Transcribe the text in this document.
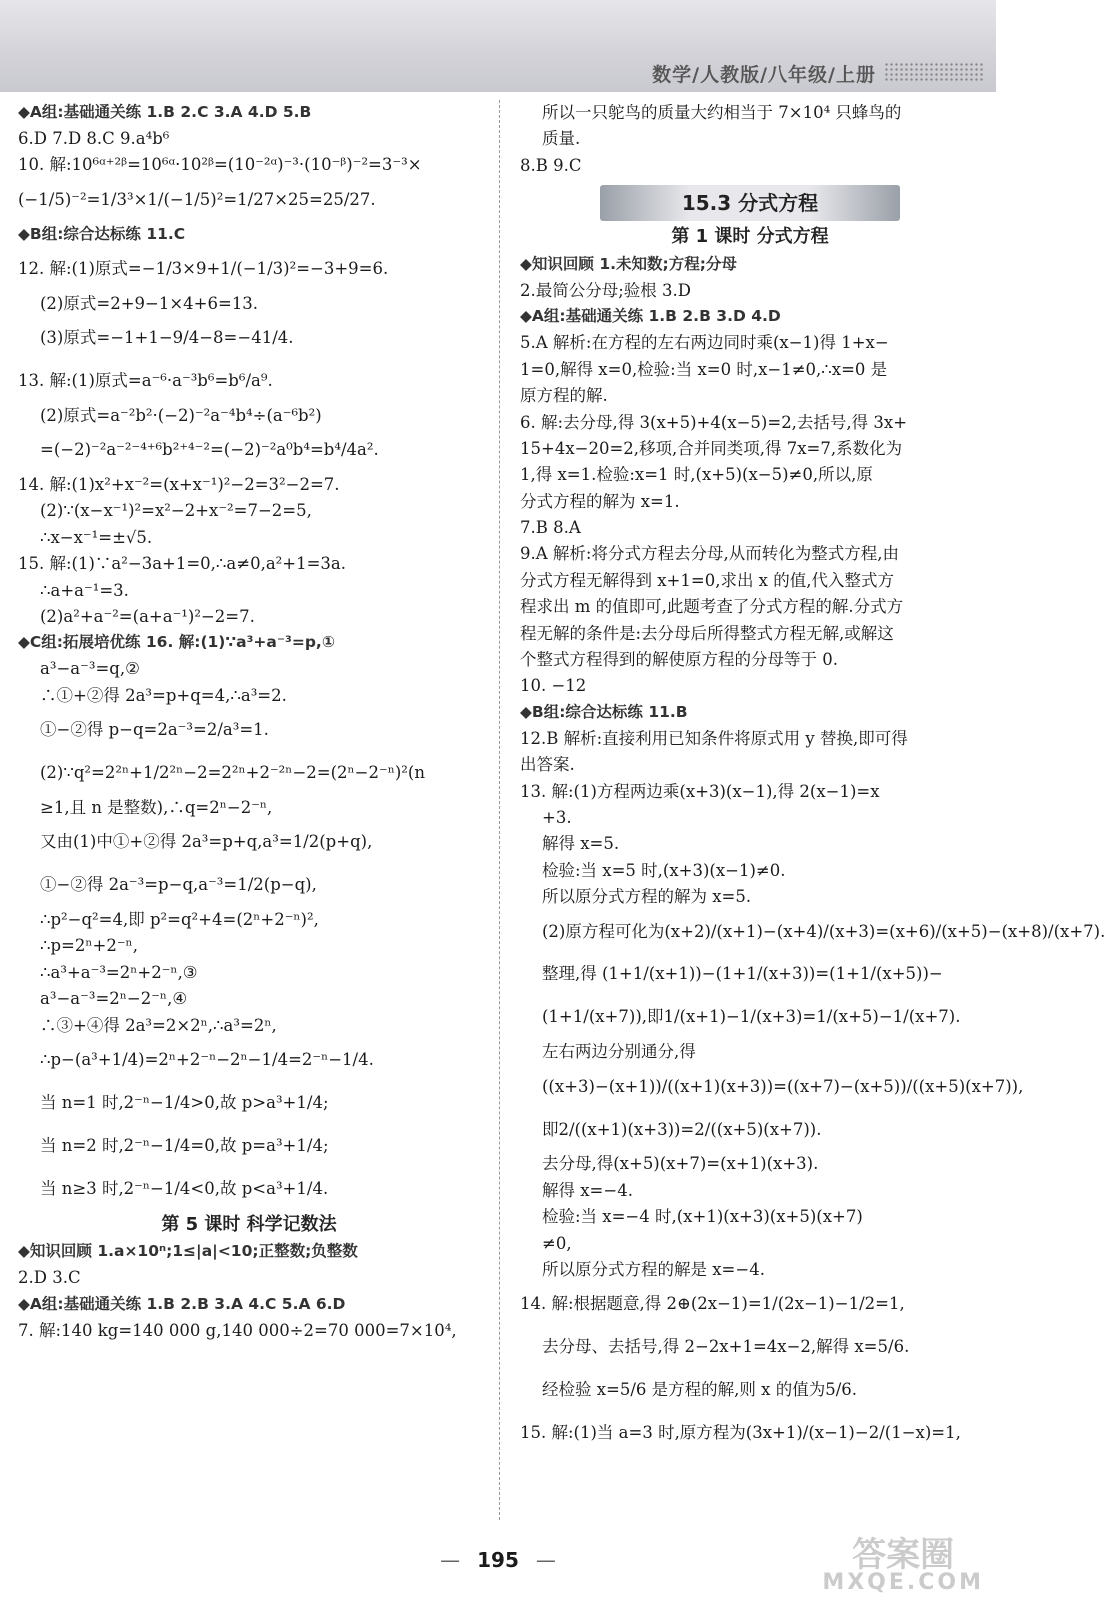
数学/人教版/八年级/上册

◆A组:基础通关练 1.B 2.C 3.A 4.D 5.B

6.D 7.D 8.C 9.a⁴b⁶

10. 解:10⁶ᵅ⁺²ᵝ=10⁶ᵅ·10²ᵝ=(10⁻²ᵅ)⁻³·(10⁻ᵝ)⁻²=3⁻³×

(−1/5)⁻²=1/3³×1/(−1/5)²=1/27×25=25/27.

◆B组:综合达标练 11.C

12. 解:(1)原式=−1/3×9+1/(−1/3)²=−3+9=6.

(2)原式=2+9−1×4+6=13.

(3)原式=−1+1−9/4−8=−41/4.

13. 解:(1)原式=a⁻⁶·a⁻³b⁶=b⁶/a⁹.

(2)原式=a⁻²b²·(−2)⁻²a⁻⁴b⁴÷(a⁻⁶b²)

=(−2)⁻²a⁻²⁻⁴⁺⁶b²⁺⁴⁻²=(−2)⁻²a⁰b⁴=b⁴/4a².

14. 解:(1)x²+x⁻²=(x+x⁻¹)²−2=3²−2=7.

(2)∵(x−x⁻¹)²=x²−2+x⁻²=7−2=5,

∴x−x⁻¹=±√5.

15. 解:(1)∵a²−3a+1=0,∴a≠0,a²+1=3a.

∴a+a⁻¹=3.

(2)a²+a⁻²=(a+a⁻¹)²−2=7.

◆C组:拓展培优练 16. 解:(1)∵a³+a⁻³=p,①

a³−a⁻³=q,②

∴①+②得 2a³=p+q=4,∴a³=2.

①−②得 p−q=2a⁻³=2/a³=1.

(2)∵q²=2²ⁿ+1/2²ⁿ−2=2²ⁿ+2⁻²ⁿ−2=(2ⁿ−2⁻ⁿ)²(n

≥1,且 n 是整数),∴q=2ⁿ−2⁻ⁿ,

又由(1)中①+②得 2a³=p+q,a³=1/2(p+q),

①−②得 2a⁻³=p−q,a⁻³=1/2(p−q),

∴p²−q²=4,即 p²=q²+4=(2ⁿ+2⁻ⁿ)²,

∴p=2ⁿ+2⁻ⁿ,

∴a³+a⁻³=2ⁿ+2⁻ⁿ,③

a³−a⁻³=2ⁿ−2⁻ⁿ,④

∴③+④得 2a³=2×2ⁿ,∴a³=2ⁿ,

∴p−(a³+1/4)=2ⁿ+2⁻ⁿ−2ⁿ−1/4=2⁻ⁿ−1/4.

当 n=1 时,2⁻ⁿ−1/4>0,故 p>a³+1/4;

当 n=2 时,2⁻ⁿ−1/4=0,故 p=a³+1/4;

当 n≥3 时,2⁻ⁿ−1/4<0,故 p<a³+1/4.

第 5 课时 科学记数法

◆知识回顾 1.a×10ⁿ;1≤|a|<10;正整数;负整数

2.D 3.C

◆A组:基础通关练 1.B 2.B 3.A 4.C 5.A 6.D

7. 解:140 kg=140 000 g,140 000÷2=70 000=7×10⁴,

所以一只鸵鸟的质量大约相当于 7×10⁴ 只蜂鸟的

质量.

8.B 9.C

15.3 分式方程

第 1 课时 分式方程

◆知识回顾 1.未知数;方程;分母

2.最简公分母;验根 3.D

◆A组:基础通关练 1.B 2.B 3.D 4.D

5.A 解析:在方程的左右两边同时乘(x−1)得 1+x−

1=0,解得 x=0,检验:当 x=0 时,x−1≠0,∴x=0 是

原方程的解.

6. 解:去分母,得 3(x+5)+4(x−5)=2,去括号,得 3x+

15+4x−20=2,移项,合并同类项,得 7x=7,系数化为

1,得 x=1.检验:x=1 时,(x+5)(x−5)≠0,所以,原

分式方程的解为 x=1.

7.B 8.A

9.A 解析:将分式方程去分母,从而转化为整式方程,由

分式方程无解得到 x+1=0,求出 x 的值,代入整式方

程求出 m 的值即可,此题考查了分式方程的解.分式方

程无解的条件是:去分母后所得整式方程无解,或解这

个整式方程得到的解使原方程的分母等于 0.

10. −12

◆B组:综合达标练 11.B

12.B 解析:直接利用已知条件将原式用 y 替换,即可得

出答案.

13. 解:(1)方程两边乘(x+3)(x−1),得 2(x−1)=x

+3.

解得 x=5.

检验:当 x=5 时,(x+3)(x−1)≠0.

所以原分式方程的解为 x=5.

(2)原方程可化为(x+2)/(x+1)−(x+4)/(x+3)=(x+6)/(x+5)−(x+8)/(x+7).

整理,得 (1+1/(x+1))−(1+1/(x+3))=(1+1/(x+5))−

(1+1/(x+7)),即1/(x+1)−1/(x+3)=1/(x+5)−1/(x+7).

左右两边分别通分,得

((x+3)−(x+1))/((x+1)(x+3))=((x+7)−(x+5))/((x+5)(x+7)),

即2/((x+1)(x+3))=2/((x+5)(x+7)).

去分母,得(x+5)(x+7)=(x+1)(x+3).

解得 x=−4.

检验:当 x=−4 时,(x+1)(x+3)(x+5)(x+7)

≠0,

所以原分式方程的解是 x=−4.

14. 解:根据题意,得 2⊕(2x−1)=1/(2x−1)−1/2=1,

去分母、去括号,得 2−2x+1=4x−2,解得 x=5/6.

经检验 x=5/6 是方程的解,则 x 的值为5/6.

15. 解:(1)当 a=3 时,原方程为(3x+1)/(x−1)−2/(1−x)=1,

— 195 —	答案圈
MXQE.COM
